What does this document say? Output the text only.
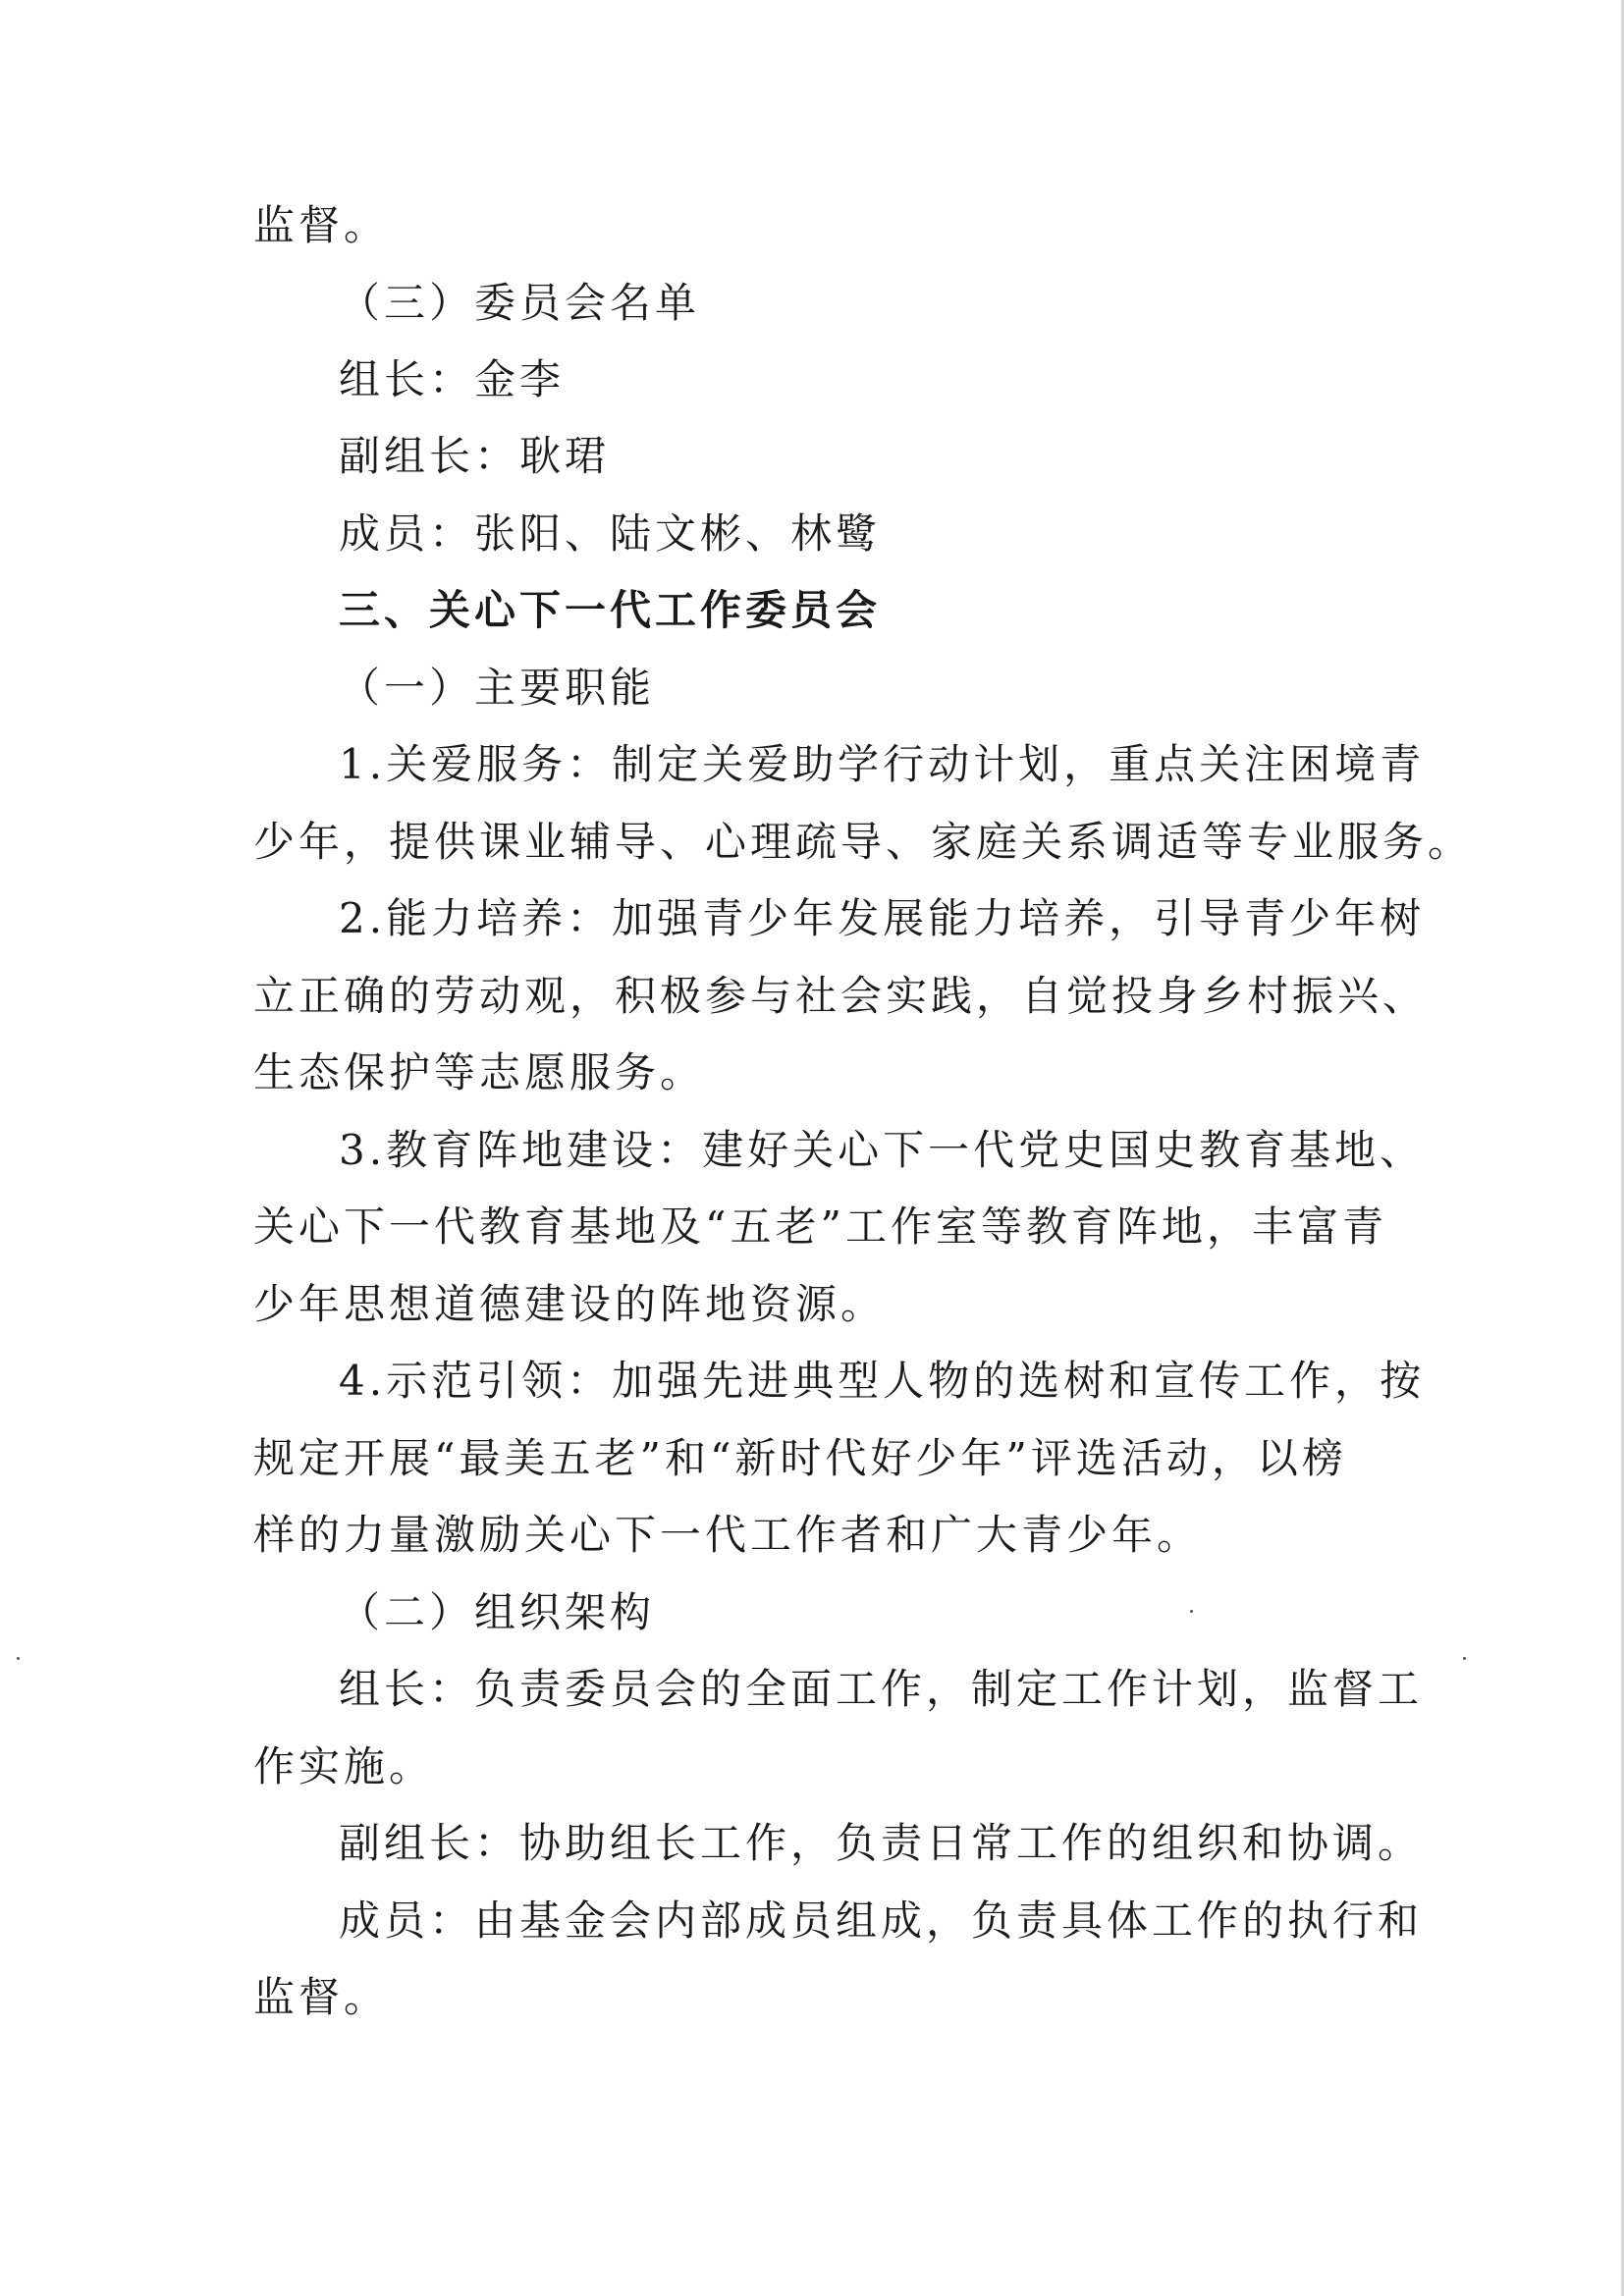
监督。
（三）委员会名单
组长：金李
副组长：耿珺
成员：张阳、陆文彬、林鹭
三、关心下一代工作委员会
（一）主要职能
1.关爱服务：制定关爱助学行动计划，重点关注困境青
少年，提供课业辅导、心理疏导、家庭关系调适等专业服务。
2.能力培养：加强青少年发展能力培养，引导青少年树
立正确的劳动观，积极参与社会实践，自觉投身乡村振兴、
生态保护等志愿服务。
3.教育阵地建设：建好关心下一代党史国史教育基地、
关心下一代教育基地及“五老”工作室等教育阵地，丰富青
少年思想道德建设的阵地资源。
4.示范引领：加强先进典型人物的选树和宣传工作，按
规定开展“最美五老”和“新时代好少年”评选活动，以榜
样的力量激励关心下一代工作者和广大青少年。
（二）组织架构
组长：负责委员会的全面工作，制定工作计划，监督工
作实施。
副组长：协助组长工作，负责日常工作的组织和协调。
成员：由基金会内部成员组成，负责具体工作的执行和
监督。
